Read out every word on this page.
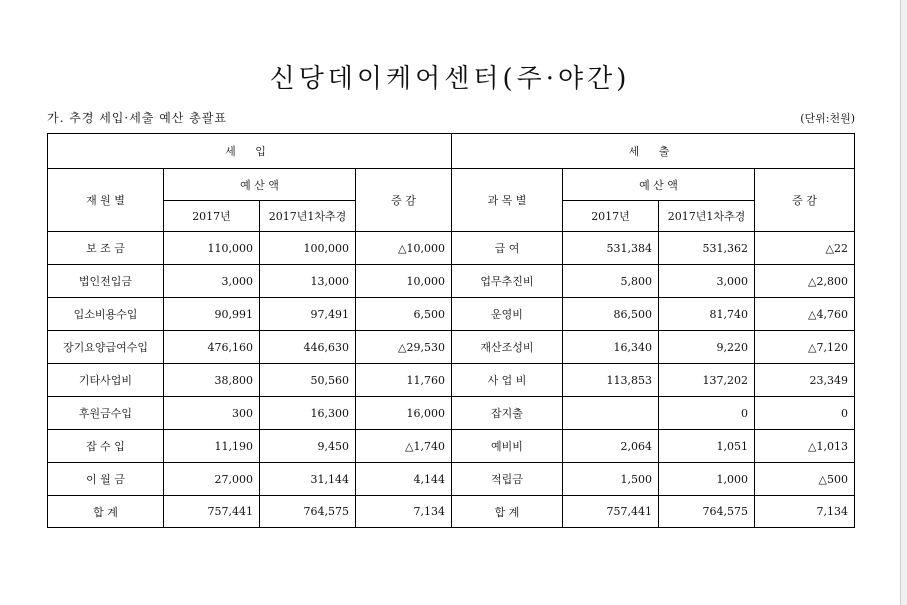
신당데이케어센터(주·야간)
가. 추경 세입·세출 예산 총괄표	(단위:천원)
세 입				세 출			
재 원 별	예 산 액		증 감	과 목 별	예 산 액		증 감
	2017년	2017년1차추경			2017년	2017년1차추경	
보 조 금	110,000	100,000	△10,000	급 여	531,384	531,362	△22
법인전입금	3,000	13,000	10,000	업무추진비	5,800	3,000	△2,800
입소비용수입	90,991	97,491	6,500	운영비	86,500	81,740	△4,760
장기요양급여수입	476,160	446,630	△29,530	재산조성비	16,340	9,220	△7,120
기타사업비	38,800	50,560	11,760	사 업 비	113,853	137,202	23,349
후원금수입	300	16,300	16,000	잡지출		0	0
잡 수 입	11,190	9,450	△1,740	예비비	2,064	1,051	△1,013
이 월 금	27,000	31,144	4,144	적립금	1,500	1,000	△500
합 계	757,441	764,575	7,134	합 계	757,441	764,575	7,134
